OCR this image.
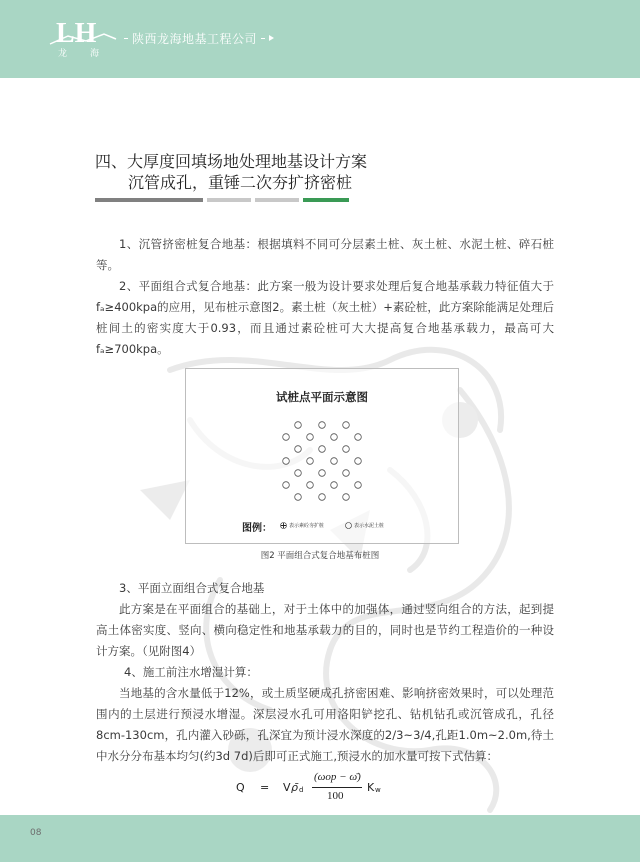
LH
龙	海
陕西龙海地基工程公司
四、大厚度回填场地处理地基设计方案
沉管成孔，重锤二次夯扩挤密桩

1、沉管挤密桩复合地基：根据填料不同可分层素土桩、灰土桩、水泥土桩、碎石桩等。

2、平面组合式复合地基：此方案一般为设计要求处理后复合地基承载力特征值大于fₐ≥400kpa的应用，见布桩示意图2。素土桩（灰土桩）+素砼桩，此方案除能满足处理后桩间土的密实度大于0.93，而且通过素砼桩可大大提高复合地基承载力，最高可大fₐ≥700kpa。

试桩点平面示意图
图例：	表示素砼夯扩桩	表示水泥土桩
图2 平面组合式复合地基布桩图

3、平面立面组合式复合地基

此方案是在平面组合的基础上，对于土体中的加强体，通过竖向组合的方法，起到提高土体密实度、竖向、横向稳定性和地基承载力的目的，同时也是节约工程造价的一种设计方案。（见附图4）

4、施工前注水增湿计算：

当地基的含水量低于12%，或土质坚硬成孔挤密困难、影响挤密效果时，可以处理范围内的土层进行预浸水增湿。深层浸水孔可用洛阳铲挖孔、钻机钻孔或沉管成孔，孔径8cm-130cm，孔内灌入砂砾，孔深宜为预计浸水深度的2/3~3/4,孔距1.0m~2.0m,待土中水分分布基本均匀(约3d 7d)后即可正式施工,预浸水的加水量可按下式估算：

Q = V ρ̄ d
(ωop − ω̄)
100
K w
08
